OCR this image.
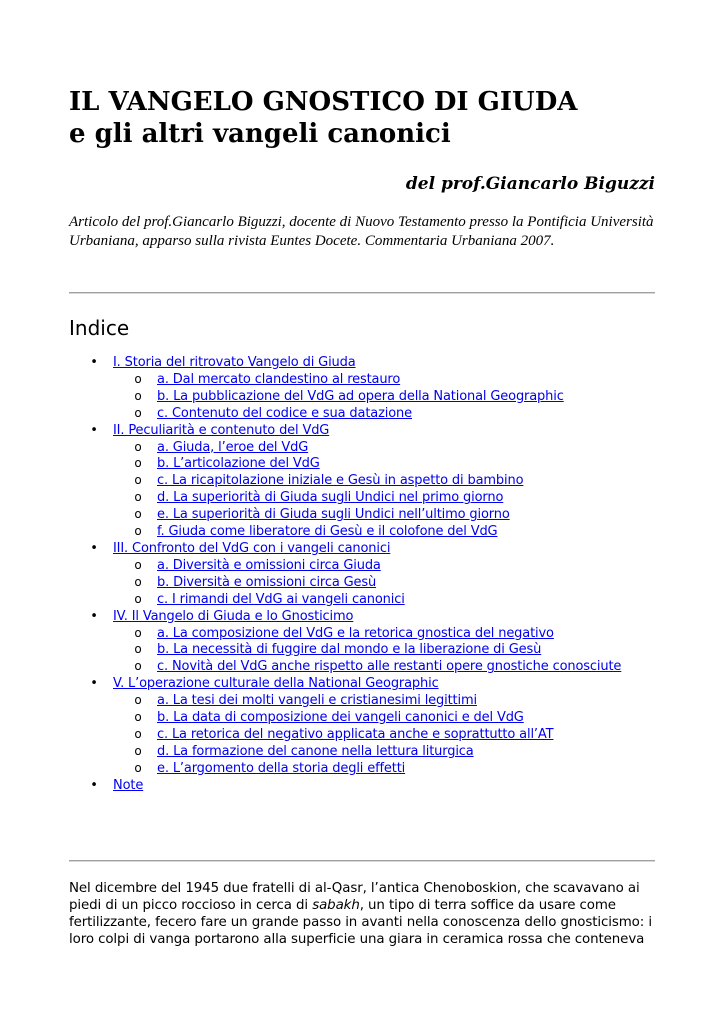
IL VANGELO GNOSTICO DI GIUDA
e gli altri vangeli canonici
del prof.Giancarlo Biguzzi
Articolo del prof.Giancarlo Biguzzi, docente di Nuovo Testamento presso la Pontificia Università Urbaniana, apparso sulla rivista Euntes Docete. Commentaria Urbaniana 2007.
Indice
• I. Storia del ritrovato Vangelo di Giuda
o a. Dal mercato clandestino al restauro
o b. La pubblicazione del VdG ad opera della National Geographic
o c. Contenuto del codice e sua datazione
• II. Peculiarità e contenuto del VdG
o a. Giuda, l’eroe del VdG
o b. L’articolazione del VdG
o c. La ricapitolazione iniziale e Gesù in aspetto di bambino
o d. La superiorità di Giuda sugli Undici nel primo giorno
o e. La superiorità di Giuda sugli Undici nell’ultimo giorno
o f. Giuda come liberatore di Gesù e il colofone del VdG
• III. Confronto del VdG con i vangeli canonici
o a. Diversità e omissioni circa Giuda
o b. Diversità e omissioni circa Gesù
o c. I rimandi del VdG ai vangeli canonici
• IV. Il Vangelo di Giuda e lo Gnosticimo
o a. La composizione del VdG e la retorica gnostica del negativo
o b. La necessità di fuggire dal mondo e la liberazione di Gesù
o c. Novità del VdG anche rispetto alle restanti opere gnostiche conosciute
• V. L’operazione culturale della National Geographic
o a. La tesi dei molti vangeli e cristianesimi legittimi
o b. La data di composizione dei vangeli canonici e del VdG
o c. La retorica del negativo applicata anche e soprattutto all’AT
o d. La formazione del canone nella lettura liturgica
o e. L’argomento della storia degli effetti
• Note

Nel dicembre del 1945 due fratelli di al-Qasr, l’antica Chenoboskion, che scavavano ai piedi di un picco roccioso in cerca di sabakh, un tipo di terra soffice da usare come fertilizzante, fecero fare un grande passo in avanti nella conoscenza dello gnosticismo: i loro colpi di vanga portarono alla superficie una giara in ceramica rossa che conteneva
